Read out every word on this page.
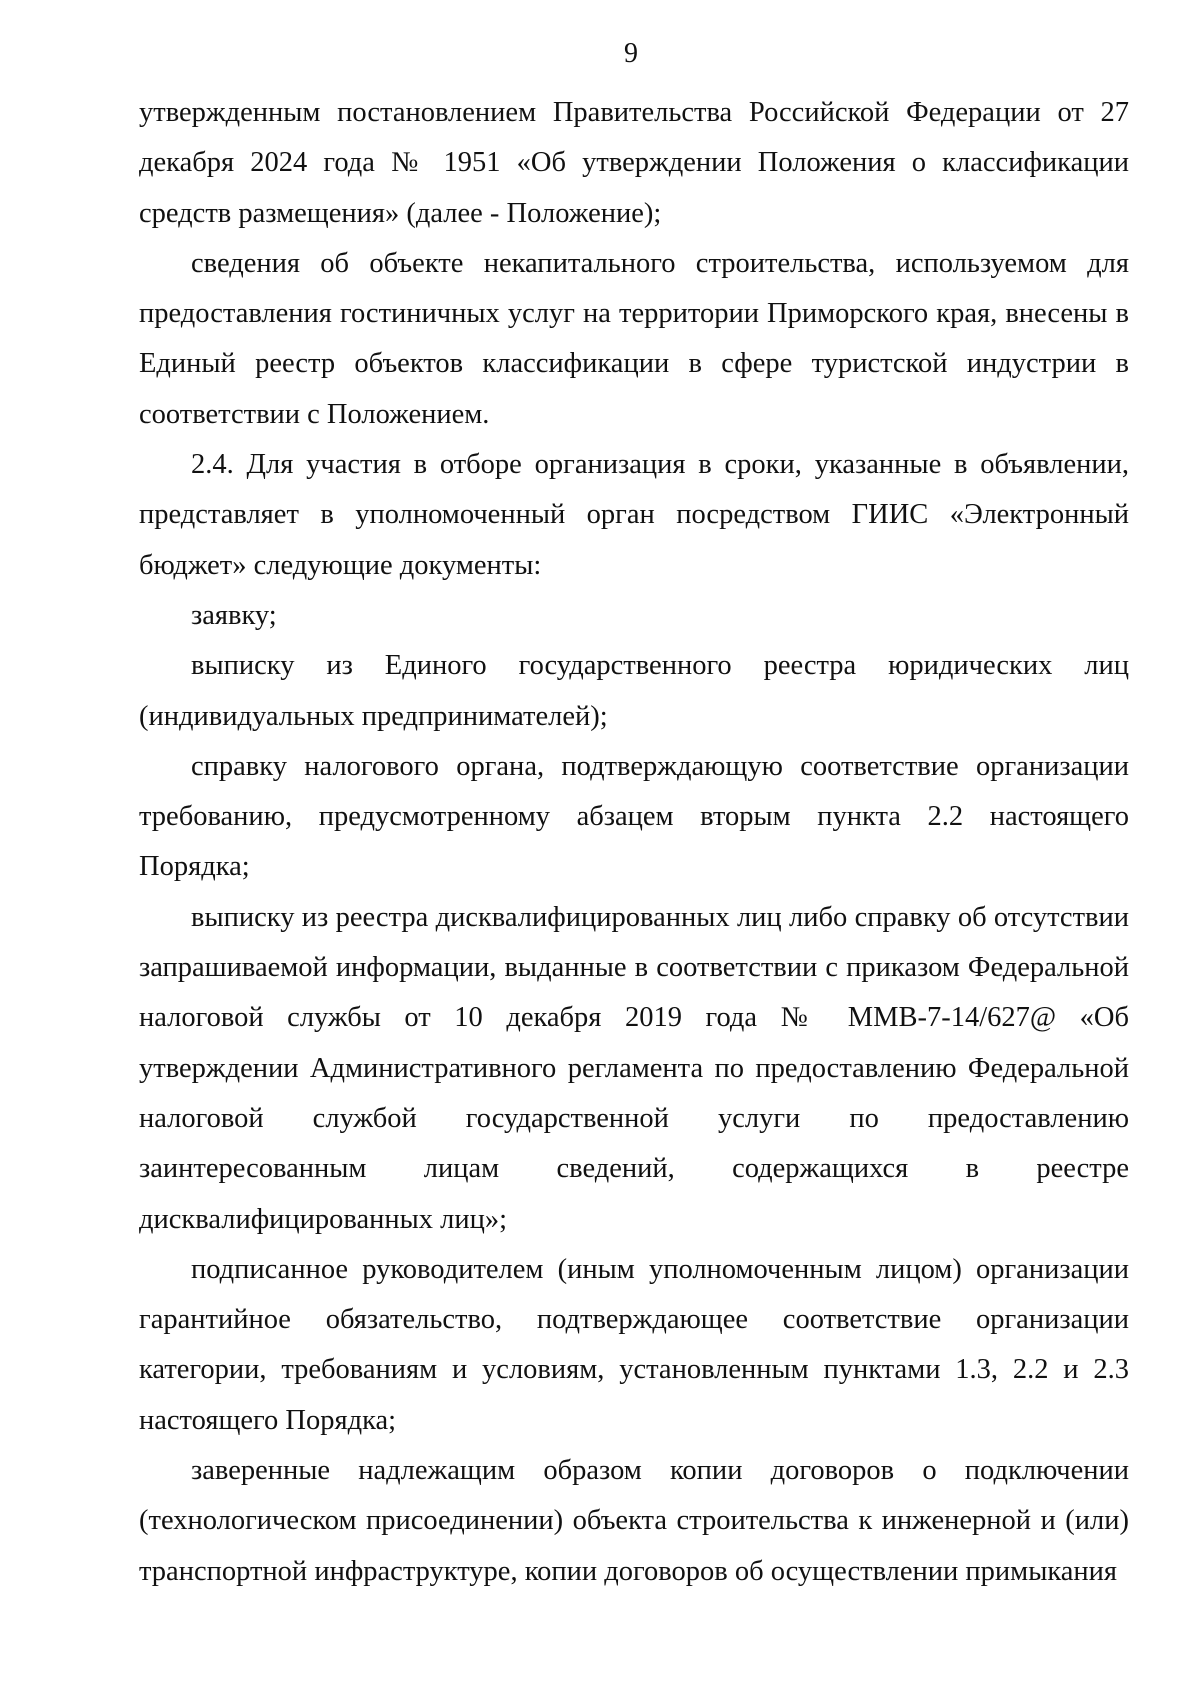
9

утвержденным постановлением Правительства Российской Федерации от 27 декабря 2024 года № 1951 «Об утверждении Положения о классификации средств размещения» (далее - Положение);

сведения об объекте некапитального строительства, используемом для предоставления гостиничных услуг на территории Приморского края, внесены в Единый реестр объектов классификации в сфере туристской индустрии в соответствии с Положением.

2.4. Для участия в отборе организация в сроки, указанные в объявлении, представляет в уполномоченный орган посредством ГИИС «Электронный бюджет» следующие документы:

заявку;

выписку из Единого государственного реестра юридических лиц (индивидуальных предпринимателей);

справку налогового органа, подтверждающую соответствие организации требованию, предусмотренному абзацем вторым пункта 2.2 настоящего Порядка;

выписку из реестра дисквалифицированных лиц либо справку об отсутствии запрашиваемой информации, выданные в соответствии с приказом Федеральной налоговой службы от 10 декабря 2019 года № ММВ-7-14/627@ «Об утверждении Административного регламента по предоставлению Федеральной налоговой службой государственной услуги по предоставлению заинтересованным лицам сведений, содержащихся в реестре дисквалифицированных лиц»;

подписанное руководителем (иным уполномоченным лицом) организации гарантийное обязательство, подтверждающее соответствие организации категории, требованиям и условиям, установленным пунктами 1.3, 2.2 и 2.3 настоящего Порядка;

заверенные надлежащим образом копии договоров о подключении (технологическом присоединении) объекта строительства к инженерной и (или) транспортной инфраструктуре, копии договоров об осуществлении примыкания
